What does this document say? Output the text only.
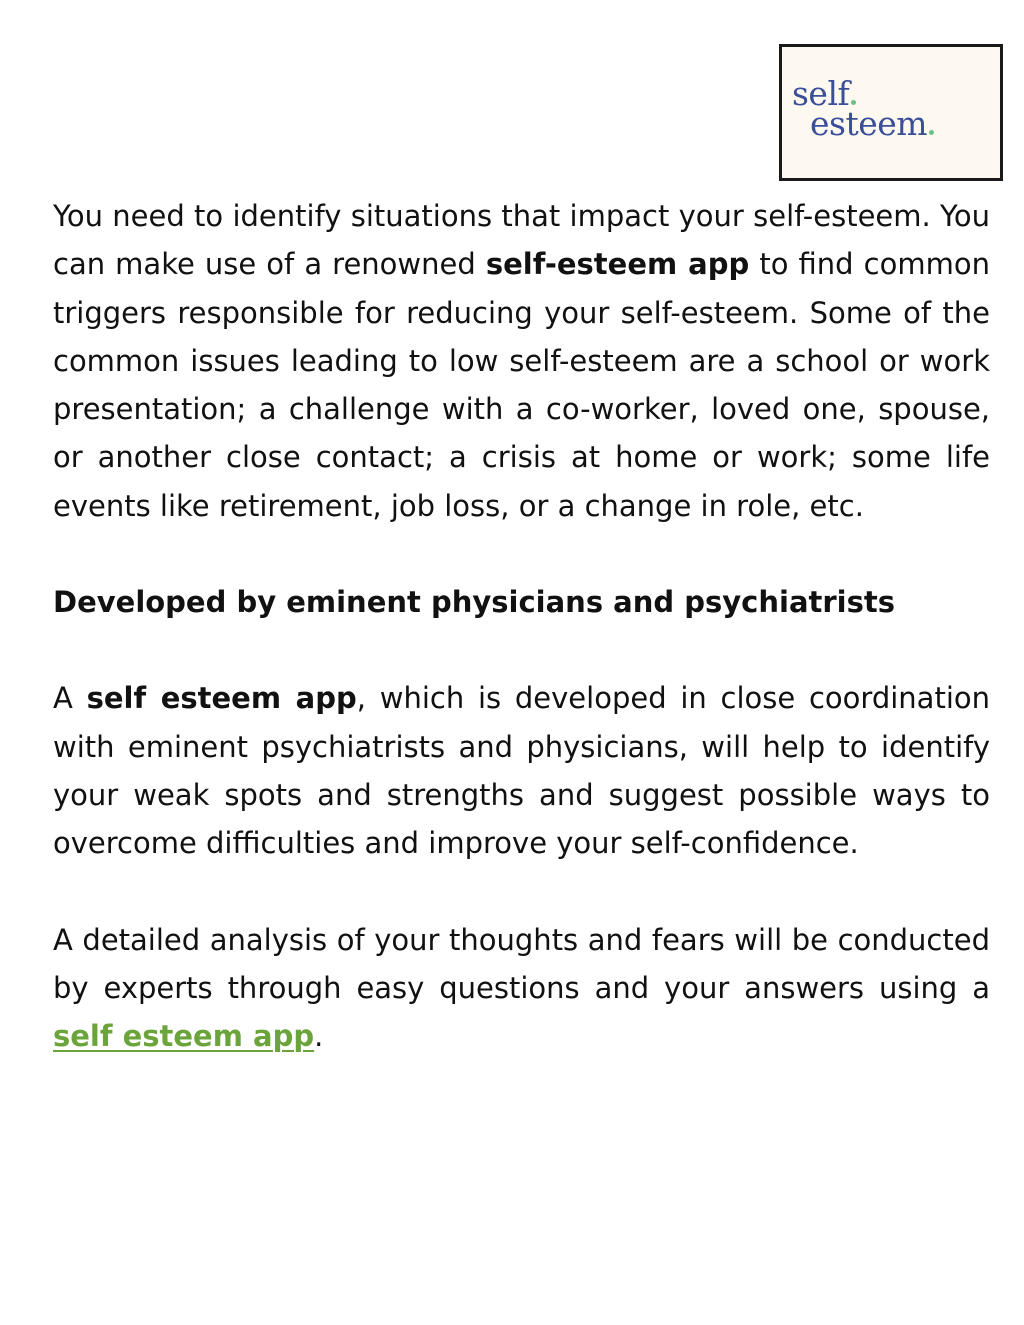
self
esteem

You need to identify situations that impact your self-esteem. You can make use of a renowned self-esteem app to find common triggers responsible for reducing your self-esteem. Some of the common issues leading to low self-esteem are a school or work presentation; a challenge with a co-worker, loved one, spouse, or another close contact; a crisis at home or work; some life events like retirement, job loss, or a change in role, etc.

Developed by eminent physicians and psychiatrists

A self esteem app, which is developed in close coordination with eminent psychiatrists and physicians, will help to identify your weak spots and strengths and suggest possible ways to overcome difficulties and improve your self-confidence.

A detailed analysis of your thoughts and fears will be conducted by experts through easy questions and your answers using a self esteem app.
